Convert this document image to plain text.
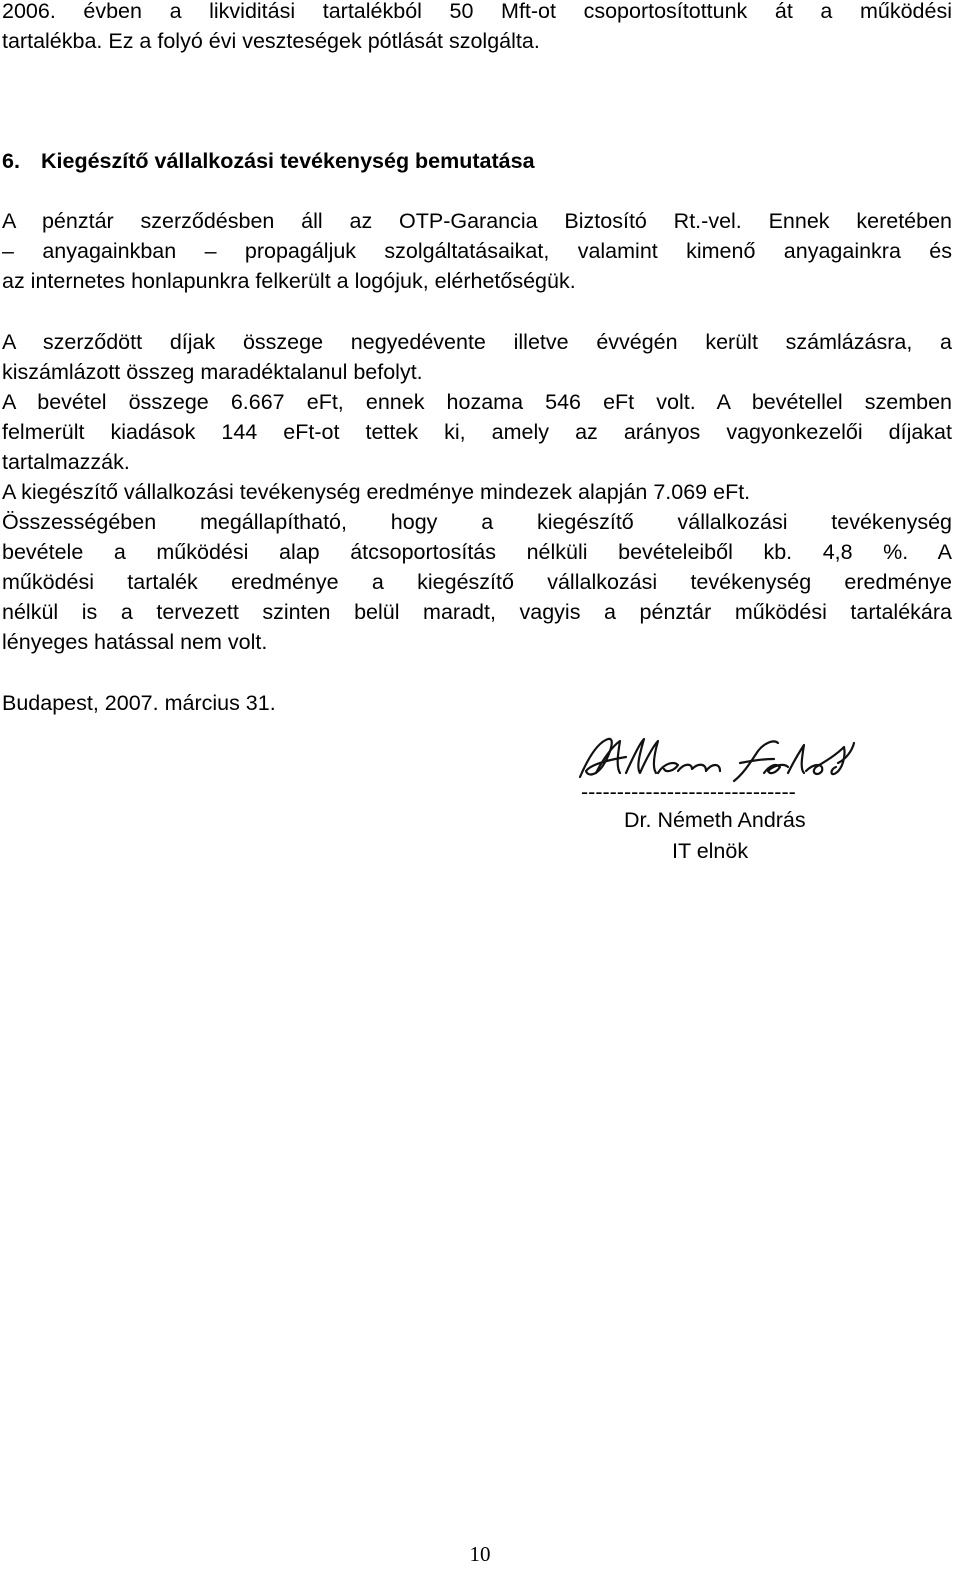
2006. évben a likviditási tartalékból 50 Mft-ot csoportosítottunk át a működési
tartalékba. Ez a folyó évi veszteségek pótlását szolgálta.
6. Kiegészítő vállalkozási tevékenység bemutatása
A pénztár szerződésben áll az OTP-Garancia Biztosító Rt.-vel. Ennek keretében
– anyagainkban – propagáljuk szolgáltatásaikat, valamint kimenő anyagainkra és
az internetes honlapunkra felkerült a logójuk, elérhetőségük.
A szerződött díjak összege negyedévente illetve évvégén került számlázásra, a
kiszámlázott összeg maradéktalanul befolyt.
A bevétel összege 6.667 eFt, ennek hozama 546 eFt volt. A bevétellel szemben
felmerült kiadások 144 eFt-ot tettek ki, amely az arányos vagyonkezelői díjakat
tartalmazzák.
A kiegészítő vállalkozási tevékenység eredménye mindezek alapján 7.069 eFt.
Összességében megállapítható, hogy a kiegészítő vállalkozási tevékenység
bevétele a működési alap átcsoportosítás nélküli bevételeiből kb. 4,8 %. A
működési tartalék eredménye a kiegészítő vállalkozási tevékenység eredménye
nélkül is a tervezett szinten belül maradt, vagyis a pénztár működési tartalékára
lényeges hatással nem volt.
Budapest, 2007. március 31.
------------------------------
Dr. Németh András
IT elnök
10
